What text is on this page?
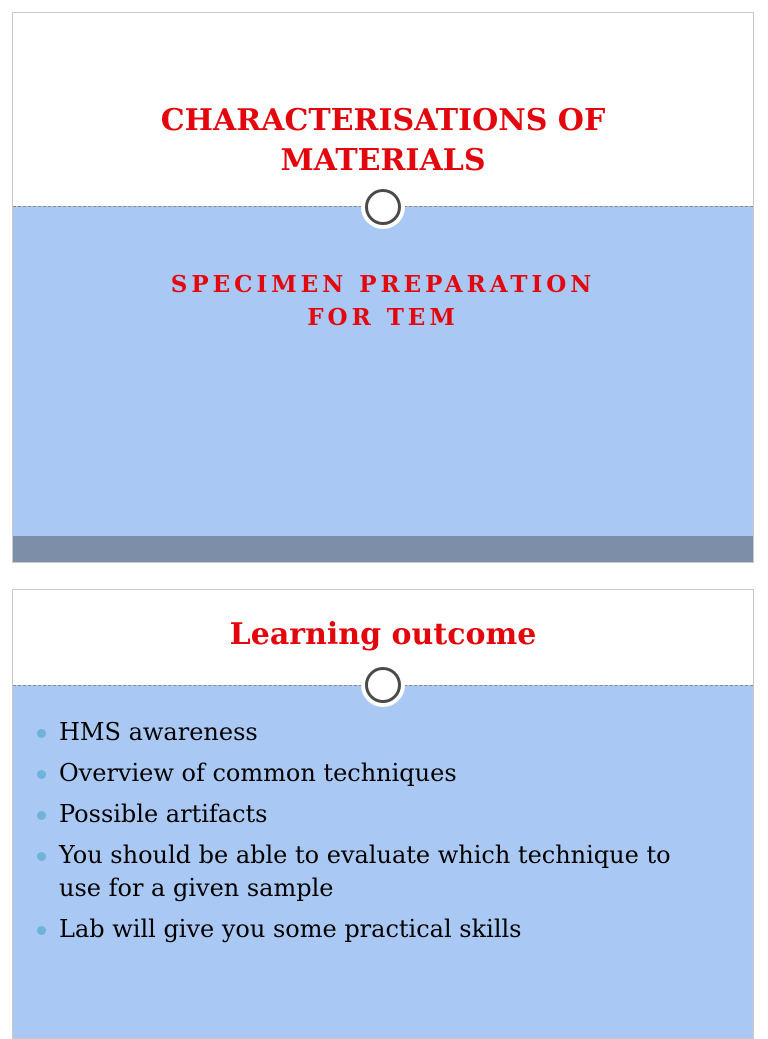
CHARACTERISATIONS OF
MATERIALS
SPECIMEN PREPARATION
FOR TEM
Learning outcome
HMS awareness
Overview of common techniques
Possible artifacts
You should be able to evaluate which technique to use for a given sample
Lab will give you some practical skills
